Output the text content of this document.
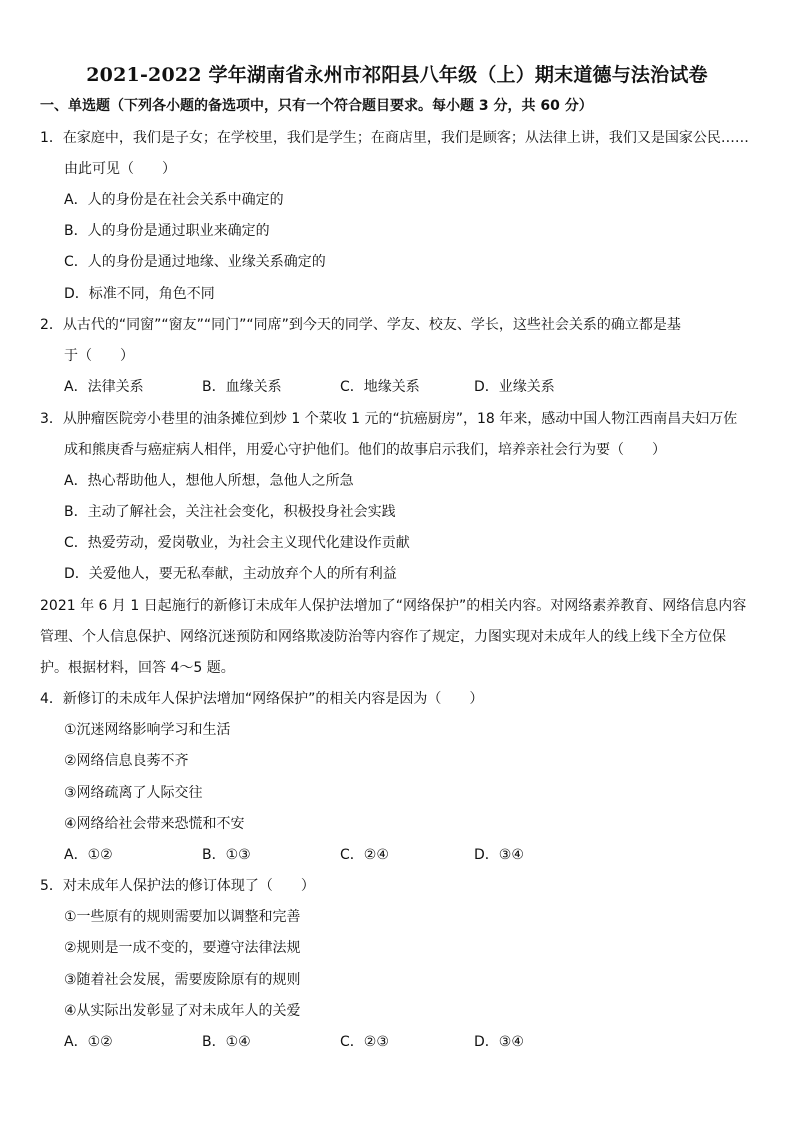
2021-2022 学年湖南省永州市祁阳县八年级（上）期末道德与法治试卷
一、单选题（下列各小题的备选项中，只有一个符合题目要求。每小题 3 分，共 60 分）
1．在家庭中，我们是子女；在学校里，我们是学生；在商店里，我们是顾客；从法律上讲，我们又是国家公民……
由此可见（　　）
A．人的身份是在社会关系中确定的
B．人的身份是通过职业来确定的
C．人的身份是通过地缘、业缘关系确定的
D．标准不同，角色不同
2．从古代的“同窗”“窗友”“同门”“同席”到今天的同学、学友、校友、学长，这些社会关系的确立都是基
于（　　）
A．法律关系	B．血缘关系	C．地缘关系	D．业缘关系
3．从肿瘤医院旁小巷里的油条摊位到炒 1 个菜收 1 元的“抗癌厨房”，18 年来，感动中国人物江西南昌夫妇万佐
成和熊庚香与癌症病人相伴，用爱心守护他们。他们的故事启示我们，培养亲社会行为要（　　）
A．热心帮助他人，想他人所想，急他人之所急
B．主动了解社会，关注社会变化，积极投身社会实践
C．热爱劳动，爱岗敬业，为社会主义现代化建设作贡献
D．关爱他人，要无私奉献，主动放弃个人的所有利益
2021 年 6 月 1 日起施行的新修订未成年人保护法增加了“网络保护”的相关内容。对网络素养教育、网络信息内容
管理、个人信息保护、网络沉迷预防和网络欺凌防治等内容作了规定，力图实现对未成年人的线上线下全方位保
护。根据材料，回答 4～5 题。
4．新修订的未成年人保护法增加“网络保护”的相关内容是因为（　　）
①沉迷网络影响学习和生活
②网络信息良莠不齐
③网络疏离了人际交往
④网络给社会带来恐慌和不安
A．①②	B．①③	C．②④	D．③④
5．对未成年人保护法的修订体现了（　　）
①一些原有的规则需要加以调整和完善
②规则是一成不变的，要遵守法律法规
③随着社会发展，需要废除原有的规则
④从实际出发彰显了对未成年人的关爱
A．①②	B．①④	C．②③	D．③④
